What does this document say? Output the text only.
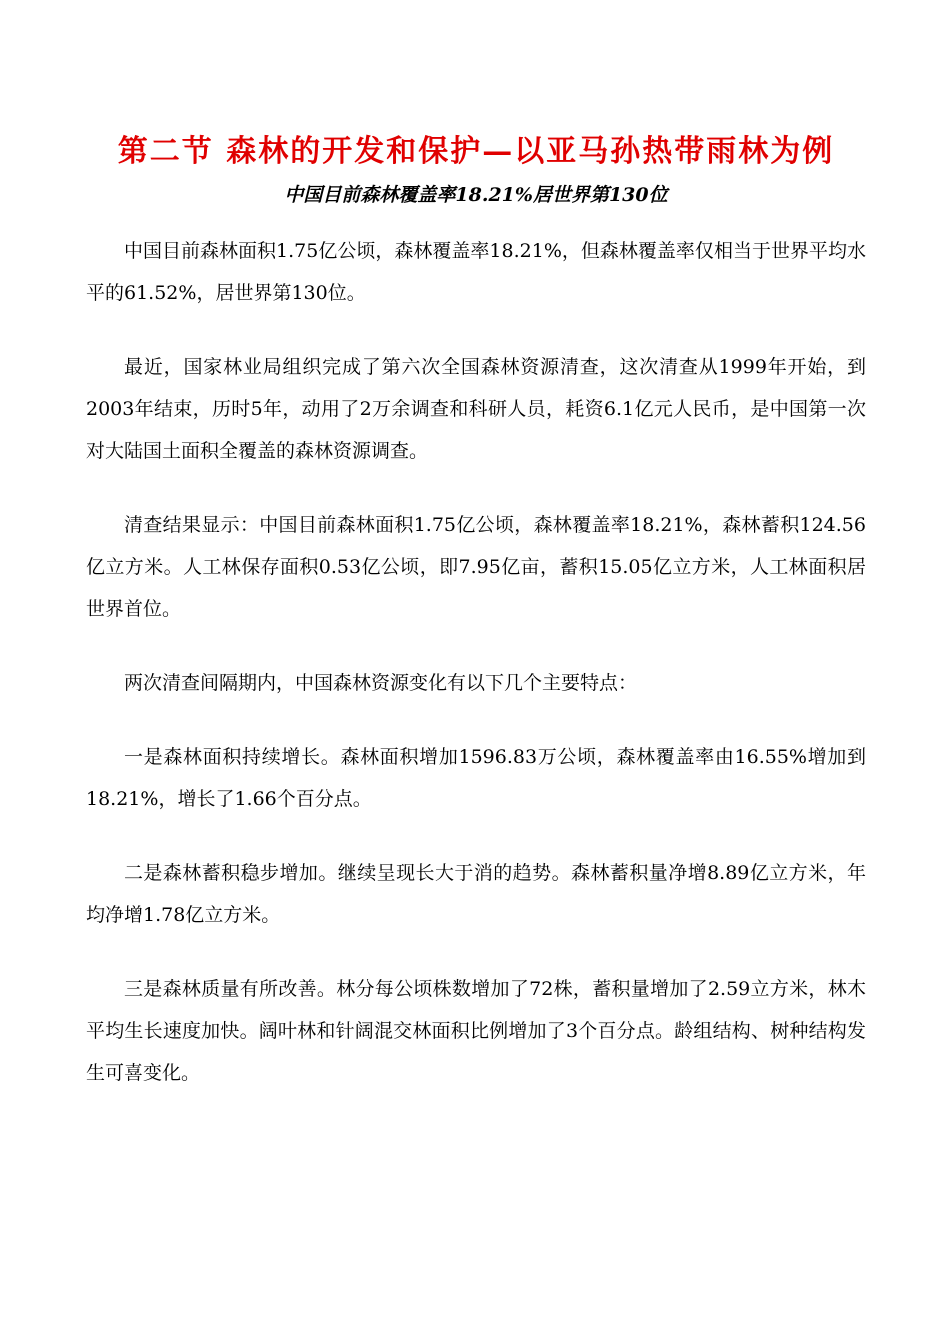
第二节 森林的开发和保护—以亚马孙热带雨林为例
中国目前森林覆盖率18.21%居世界第130位

中国目前森林面积1.75亿公顷，森林覆盖率18.21%，但森林覆盖率仅相当于世界平均水平的61.52%，居世界第130位。

最近，国家林业局组织完成了第六次全国森林资源清查，这次清查从1999年开始，到2003年结束，历时5年，动用了2万余调查和科研人员，耗资6.1亿元人民币，是中国第一次对大陆国土面积全覆盖的森林资源调查。

清查结果显示：中国目前森林面积1.75亿公顷，森林覆盖率18.21%，森林蓄积124.56亿立方米。人工林保存面积0.53亿公顷，即7.95亿亩，蓄积15.05亿立方米，人工林面积居世界首位。

两次清查间隔期内，中国森林资源变化有以下几个主要特点：

一是森林面积持续增长。森林面积增加1596.83万公顷，森林覆盖率由16.55%增加到18.21%，增长了1.66个百分点。

二是森林蓄积稳步增加。继续呈现长大于消的趋势。森林蓄积量净增8.89亿立方米，年均净增1.78亿立方米。

三是森林质量有所改善。林分每公顷株数增加了72株，蓄积量增加了2.59立方米，林木平均生长速度加快。阔叶林和针阔混交林面积比例增加了3个百分点。龄组结构、树种结构发生可喜变化。
